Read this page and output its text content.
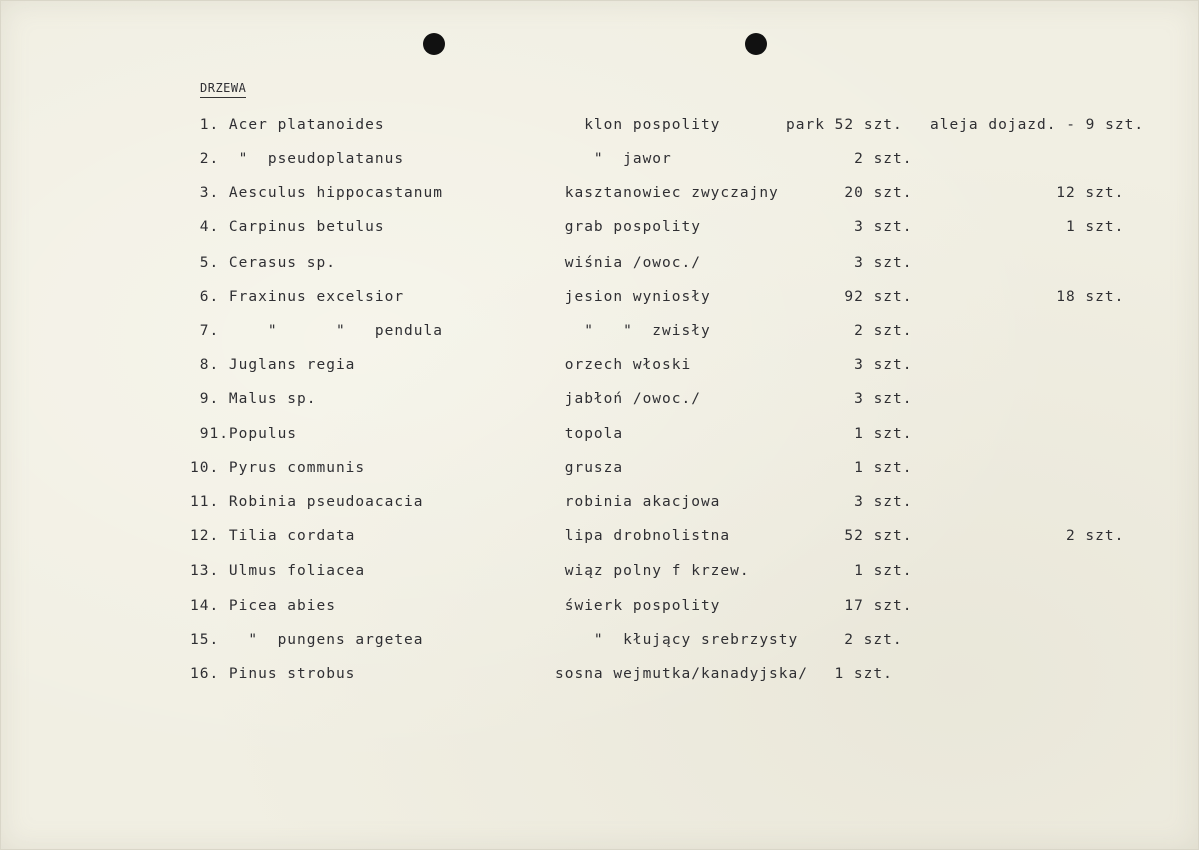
DRZEWA
1. Acer platanoides	klon pospolity	park 52 szt. aleja dojazd. - 9 szt.
2.  "  pseudoplatanus	"  jawor	2 szt.
3. Aesculus hippocastanum	kasztanowiec zwyczajny 20 szt. 12 szt.
4. Carpinus betulus	grab pospolity	3 szt. 1 szt.
5. Cerasus sp.	wiśnia /owoc./	3 szt.
6. Fraxinus excelsior	jesion wyniosły	92 szt. 18 szt.
7.     "      "   pendula	"   "  zwisły	2 szt.
8. Juglans regia	orzech włoski	3 szt.
9. Malus sp.	jabłoń /owoc./	3 szt.
91.Populus	topola	1 szt.
10. Pyrus communis	grusza	1 szt.
11. Robinia pseudoacacia	robinia akacjowa	3 szt.
12. Tilia cordata	lipa drobnolistna	52 szt. 2 szt.
13. Ulmus foliacea	wiąz polny f krzew.	1 szt.
14. Picea abies	świerk pospolity	17 szt.
15.   "  pungens argetea	"  kłujący srebrzysty 2 szt.
16. Pinus strobus	sosna wejmutka/kanadyjska/ 1 szt.
